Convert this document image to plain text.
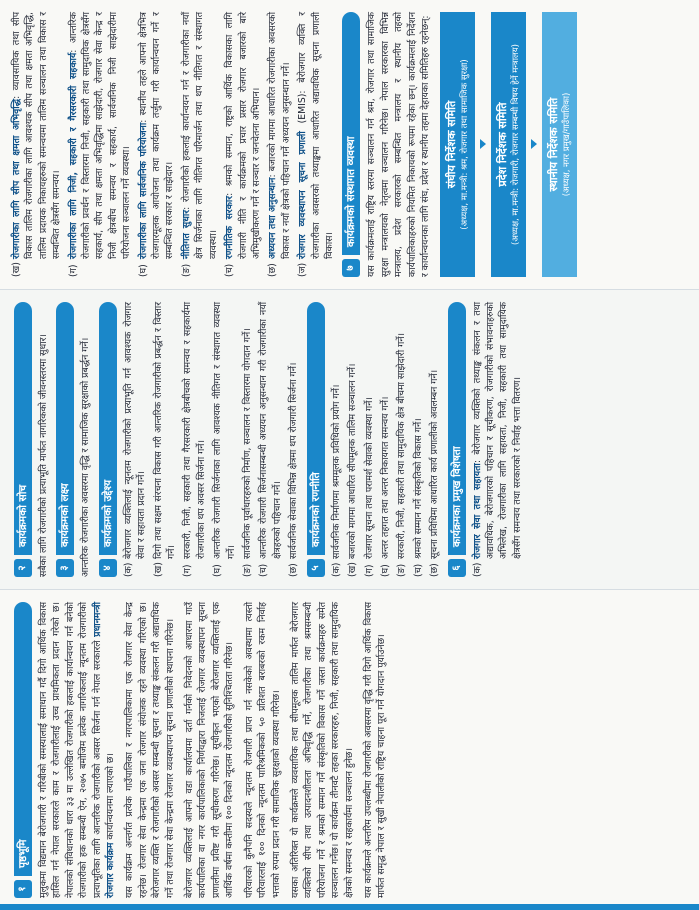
१
पृष्ठभूमि मुलुकमा विद्यमान बेरोजगारी र गरिबीको समस्यालाई समाधान गर्दै दिगो आर्थिक विकास हासिल गर्न नेपाल सरकारले काम र रोजगारीलाई उच्च प्राथमिकता प्रदान गरेको छ। नेपालको संविधानको धारा ३३ मा उल्लेखित रोजगारीको हकलाई कार्यान्वयन गर्न बनेको रोजगारीको हक सम्बन्धी ऐन, २०७५ बमोजिम प्रत्येक नागरिकलाई न्यूनतम रोजगारीको प्रत्याभूतिका लागि आन्तरिक रोजगारीको अवसर सिर्जना गर्न नेपाल सरकारले प्रधानमन्त्री रोजगार कार्यक्रम कार्यान्वयनमा ल्याएको छ। यस कार्यक्रम अन्तर्गत प्रत्येक गाउँपालिका र नगरपालिकामा एक रोजगार सेवा केन्द्र रहनेछ। रोजगार सेवा केन्द्रमा एक जना रोजगार संयोजक रहने व्यवस्था गरिएको छ। बेरोजगार व्यक्ति र रोजगारीको अवसर सम्बन्धी सूचना र तथ्याङ्क संकलन गरी अद्यावधिक गर्ने तथा रोजगार सेवा केन्द्रमा रोजगार व्यवस्थापन सूचना प्रणालीको स्थापना गरिनेछ। बेरोजगार व्यक्तिलाई आफ्नो वडा कार्यालयमा दर्ता गर्नको निवेदनको आधारमा गाउँ कार्यपालिका वा नगर कार्यपालिकाको निर्णयद्वारा निजलाई रोजगार व्यवस्थापन सूचना प्रणालीमा प्रविष्ट गरी सूचीकरण गरिनेछ। सूचीकृत भएको बेरोजगार व्यक्तिलाई एक आर्थिक वर्षमा कम्तीमा १०० दिनको न्यूनतम रोजगारीको सुनिश्चितता गरिनेछ। परिवारको कुनैपनि सदस्यले न्यूनतम रोजगारी प्राप्त गर्न नसकेको अवस्थामा त्यस्तो परिवारलाई १०० दिनको न्यूनतम पारिश्रमिकको ५० प्रतिशत बराबरको रकम निर्वाह भत्ताको रुपमा प्रदान गरी सामाजिक सुरक्षाको व्यवस्था गरिनेछ। यसका अतिरिक्त यो कार्यक्रमले व्यवसायिक तथा सीपमूलक तालिम मार्फत बेरोजगार व्यक्तिको सीप तथा उत्पादनशीलता अभिवृद्धि गर्ने, रोजगारीका तथा श्रमसम्बन्धी परियोजना गर्ने र श्रमको सम्मान गर्ने संस्कृतिको विकास गर्ने जस्ता कार्यक्रमहरु समेत सञ्चालन गर्नेछ। यो कार्यक्रम तीनवटै तहका सरकारहरु, निजी, सहकारी तथा सामुदायिक क्षेत्रको समन्वय र सहकार्यमा सञ्चालन हुनेछ। यस कार्यक्रमले अन्तरिम उपलब्धीमा रोजगारीको अवसरमा वृद्धि गरी दिगो आर्थिक विकास मार्फत समृद्ध नेपाल र सुखी नेपालीको राष्ट्रिय चाहना पूरा गर्ने योगदान पुर्याउनेछ।

२
कार्यक्रमको सोच सबैका लागि रोजगारीको प्रत्याभूति मार्फत नागरिकको जीवनस्तरमा सुधार।	३
कार्यक्रमको लक्ष्य आन्तरिक रोजगारीका अवसरमा वृद्धि र सामाजिक सुरक्षाको प्रबर्द्धन गर्ने।	४
कार्यक्रमको उद्देश्य
(क)
बेरोजगार व्यक्तिलाई न्यूनतम रोजगारीको प्रत्याभूति गर्न आवश्यक रोजगार सेवा र सहायता प्रदान गर्ने।
(ख)
दिगो तथा सक्षम संरचना विकास गरी आन्तरिक रोजगारीको प्रबर्द्धन र विस्तार गर्ने।
(ग)
सरकारी, निजी, सहकारी तथा गैरसरकारी क्षेत्रबीचको समन्वय र सहकार्यमा रोजगारीका थप अवसर सिर्जना गर्ने।
(घ)
आन्तरिक रोजगारी सिर्जनाका लागि आवश्यक नीतिगत र संस्थागत व्यवस्था गर्ने।
(ङ)
सार्वजनिक पूर्वाधारहरुको निर्माण, सञ्चालन र विस्तारमा योगदान गर्ने।
(च)
आन्तरिक रोजगारी सिर्जनासम्बन्धी अध्ययन अनुसन्धान गरी रोजगारीका नयाँ क्षेत्रहरुको पहिचान गर्ने।
(छ)
सार्वजनिक सेवाका विभिन्न क्षेत्रमा थप रोजगारी सिर्जना गर्ने।
५
कार्यक्रमको रणनीति
(क)
सार्वजनिक निर्माणमा श्रममूलक प्रविधिको प्रयोग गर्ने।
(ख)
बजारको मागमा आधारित सीपमूलक तालिम सञ्चालन गर्ने।
(ग)
रोजगार सूचना तथा परामर्श सेवाको व्यवस्था गर्ने।
(घ)
अन्तर तहगत तथा अन्तर निकायगत समन्वय गर्ने।
(ङ)
सरकारी, निजी, सहकारी तथा सामुदायिक क्षेत्र बीचमा साझेदारी गर्ने।
(च)
श्रमको सम्मान गर्ने संस्कृतिको विकास गर्ने।
(छ)
सूचना प्रविधिमा आधारित कार्य प्रणालीको अवलम्बन गर्ने।
६
कार्यक्रमका प्रमुख विशेषता
(क)
रोजगार सेवा तथा सहायता: बेरोजगार व्यक्तिको तथ्याङ्क संकलन र तथा अद्यावधिक, बेरोजगारको पहिचान र सूचीकरण, रोजगारीको संभावनाहरुको अभिलेख, रोजगारीका लागि सहायता, निजी, सहकारी तथा सामुदायिक क्षेत्रसँग समन्वय तथा सरकारको र निर्वाह भत्ता वितरण।
(ख)
रोजगारीका लागि सीप तथा क्षमता अभिवृद्धि: व्यावसायिक तथा सीप विकास तालिम रोजगारीका लागि आवश्यक सीप तथा क्षमता अभिवृद्धि, तालिम प्रदायक निकायहरुको समन्वयमा तालिम सञ्चालन तथा विकास र सम्बन्धित क्षेत्रसँग समन्वय।
(ग)
रोजगारीका लागि निजी, सहकारी र गैरसरकारी सहकार्य: आन्तरिक रोजगारीको प्रवर्धन र विस्तारमा निजी, सहकारी तथा सामुदायिक क्षेत्रसँग सहकार्य, सीप तथा क्षमता अभिवृद्धिमा साझेदारी, रोजगार सेवा केन्द्र र निजी क्षेत्रबीच समन्वय र सहकार्य, सार्वजनिक निजी साझेदारीमा परियोजना सञ्चालन गर्ने व्यवस्था।
(घ)
रोजगारीका लागि सार्वजनिक परियोजना: स्थानीय तहले आफ्नो क्षेत्रभित्र रोजगारमूलक आयोजना तथा कार्यक्रम तर्जुमा गरी कार्यान्वयन गर्ने र सम्बन्धित सरकार र साझेदार।
(ङ)
नीतिगत सुधार: रोजगारीको हकलाई कार्यान्वयन गर्न र रोजगारीका नयाँ क्षेत्र सिर्जनाका लागि नीतिगत परिमार्जन तथा थप नीतिगत र संस्थागत व्यवस्था।
(च)
रणनीतिक सरकार: श्रमको सम्मान, राष्ट्रको आर्थिक विकासका लागि रोजगारी नीति र कार्यक्रमको प्रचार प्रसार रोजगार बजारको बारे अभिमुखीकरण गर्ने र सञ्चार र जनचेतना अभियान।
(छ)
अध्ययन तथा अनुसन्धान: बजारको मागमा आधारित रोजगारीका अवसरको विकास र नयाँ क्षेत्रको पहिचान गर्ने अध्ययन अनुसन्धान गर्ने।
(ज)
रोजगार व्यवस्थापन सूचना प्रणाली (EMIS): बेरोजगार व्यक्ति र रोजगारीका अवसरको तथ्याङ्कमा आधारित अद्यावधिक सूचना प्रणाली विकास।
७
कार्यक्रमको संस्थागत व्यवस्था यस कार्यक्रमलाई राष्ट्रिय स्तरमा सञ्चालन गर्न श्रम, रोजगार तथा सामाजिक सुरक्षा मन्त्रालयको नेतृत्वमा सञ्चालन गरिनेछ। नेपाल सरकारका विभिन्न मन्त्रालय, प्रदेश सरकारको सम्बन्धित मन्त्रालय र स्थानीय तहको कार्यपालिकाहरुको नियमित निकायको रूपमा रहेका छन्। कार्यक्रमलाई निर्देशन र कार्यान्वयनका लागि संघ, प्रदेश र स्थानीय तहमा देहायका समितिहरु रहनेछन्: संघीय निर्देशक समिति (अध्यक्ष, मा.मन्त्री: श्रम, रोजगार तथा सामाजिक सुरक्षा) प्रदेश निर्देशक समिति (अध्यक्ष, मा.मन्त्री: रोजगारी, रोजगार सम्बन्धी विषय हेर्ने मन्त्रालय) स्थानीय निर्देशक समिति (अध्यक्ष, नगर प्रमुख/गाउँपालिका)
